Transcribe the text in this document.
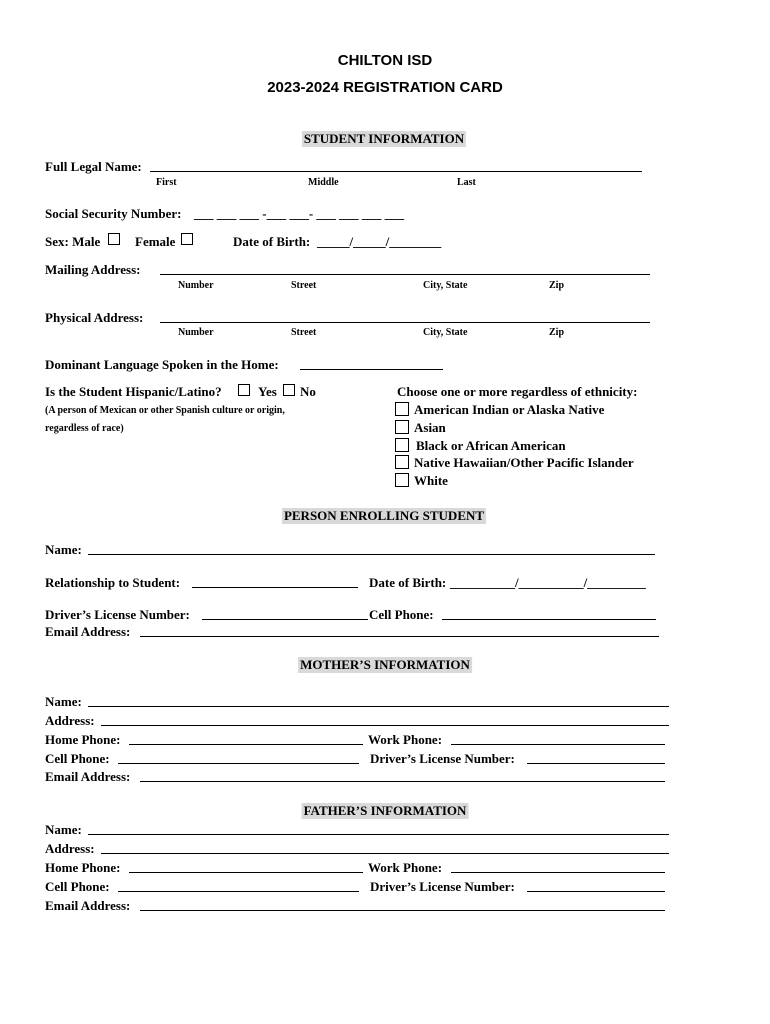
CHILTON ISD
2023-2024 REGISTRATION CARD
STUDENT INFORMATION
Full Legal Name:
First	Middle	Last
Social Security Number: ___ ___ ___ -___ ___- ___ ___ ___ ___
Sex: Male	Female	Date of Birth: _____/_____/________
Mailing Address:
Number	Street	City, State	Zip
Physical Address:
Number	Street	City, State	Zip
Dominant Language Spoken in the Home:
Is the Student Hispanic/Latino?	Yes No
(A person of Mexican or other Spanish culture or origin,
regardless of race)
Choose one or more regardless of ethnicity:
American Indian or Alaska Native
Asian
Black or African American
Native Hawaiian/Other Pacific Islander
White
PERSON ENROLLING STUDENT
Name:
Relationship to Student:	Date of Birth: __________/__________/_________
Driver’s License Number:	Cell Phone:
Email Address:
MOTHER’S INFORMATION
Name:
Address:
Home Phone:	Work Phone:
Cell Phone:	Driver’s License Number:
Email Address:
FATHER’S INFORMATION
Name:
Address:
Home Phone:	Work Phone:
Cell Phone:	Driver’s License Number:
Email Address:
